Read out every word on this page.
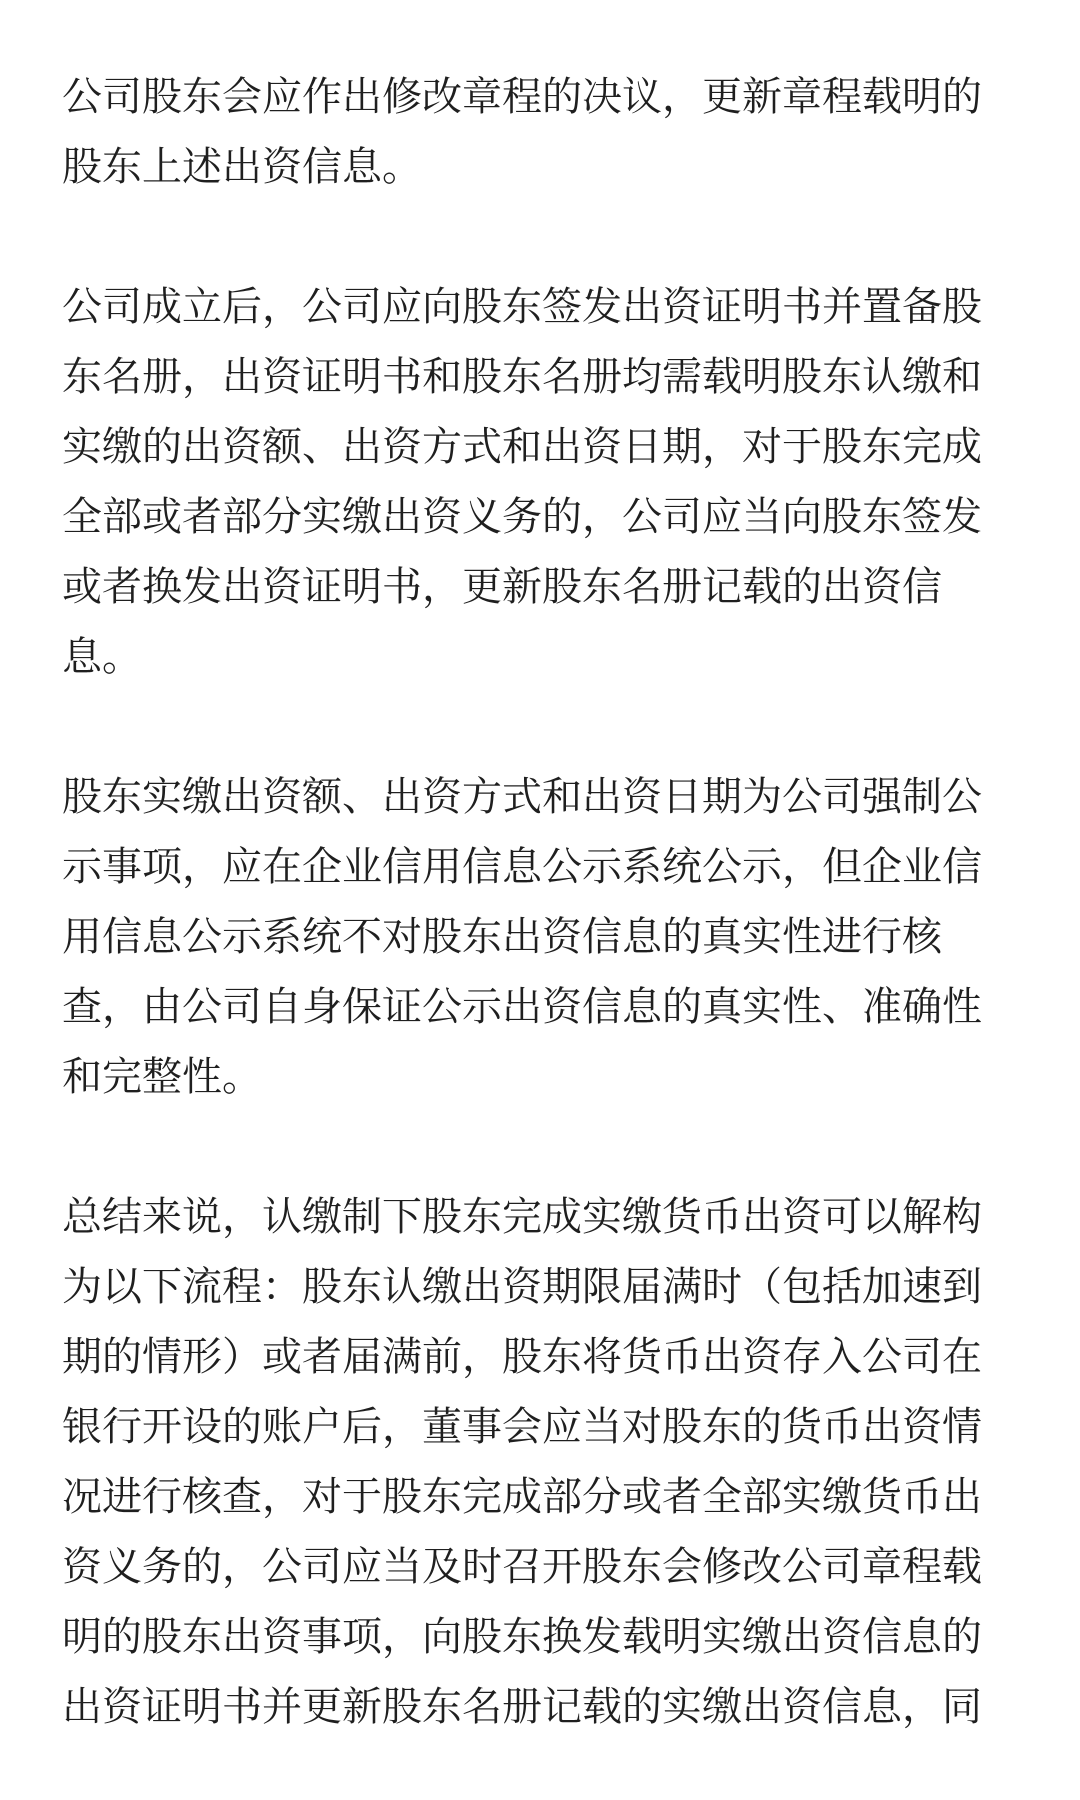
公司股东会应作出修改章程的决议，更新章程载明的
股东上述出资信息。
公司成立后，公司应向股东签发出资证明书并置备股
东名册，出资证明书和股东名册均需载明股东认缴和
实缴的出资额、出资方式和出资日期，对于股东完成
全部或者部分实缴出资义务的，公司应当向股东签发
或者换发出资证明书，更新股东名册记载的出资信
息。
股东实缴出资额、出资方式和出资日期为公司强制公
示事项，应在企业信用信息公示系统公示，但企业信
用信息公示系统不对股东出资信息的真实性进行核
查，由公司自身保证公示出资信息的真实性、准确性
和完整性。
总结来说，认缴制下股东完成实缴货币出资可以解构
为以下流程：股东认缴出资期限届满时（包括加速到
期的情形）或者届满前，股东将货币出资存入公司在
银行开设的账户后，董事会应当对股东的货币出资情
况进行核查，对于股东完成部分或者全部实缴货币出
资义务的，公司应当及时召开股东会修改公司章程载
明的股东出资事项，向股东换发载明实缴出资信息的
出资证明书并更新股东名册记载的实缴出资信息，同
